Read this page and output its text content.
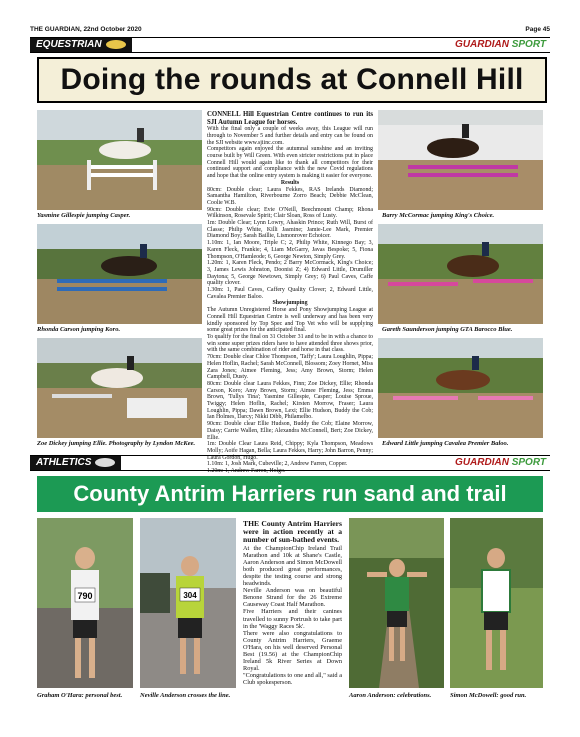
THE GUARDIAN, 22nd October 2020	Page 45
EQUESTRIAN	GUARDIAN SPORT
Doing the rounds at Connell Hill
Yasmine Gillespie jumping Casper.
Rhonda Carson jumping Koro.
Zoe Dickey jumping Ellie. Photography by Lyndon McKee.

CONNELL Hill Equestrian Centre continues to run its SJI Autumn League for horses.

With the final only a couple of weeks away, this League will run through to November 5 and further details and entry can be found on the SJI website www.sjiinc.com.

Competitors again enjoyed the autumnal sunshine and an inviting course built by Will Green. With even stricter restrictions put in place Connell Hill would again like to thank all competitors for their continued support and compliance with the new Covid regulations and hope that the online entry system is making it easier for everyone.

Results

80cm: Double clear; Laura Fekkes, RAS Irelands Diamond; Samantha Hamilton, Riverbourne Zorro Beach; Debbie McClean, Coolie W.B.

90cm: Double clear; Evie O'Neill, Beechmount Champ; Rhona Wilkinson, Rosevale Spirit; Clair Sloan, Ross of Lusty.

1m: Double Clear; Lynn Lowry, Ahaskin Prince; Ruth Will, Burst of Classe; Philip White, Killi Jasmine; Jamie-Lee Mark, Premier Diamond Boy; Sarah Baillie, Lismonrover Echoicer.

1.10m: 1, Ian Moore, Triple C; 2, Philip White, Kinnego Bay; 3, Karen Fleck, Frankie; 4, Liam McGarry, Javas Bespoke; 5, Fiona Thompson, O'Hamleode; 6, George Newton, Simply Grey.

1.20m: 1, Karen Fleck, Pendo; 2 Barry McCormack, King's Choice; 3, James Lewis Johnston, Doonisi Z; 4) Edward Little, Drumiller Daytona; 5, George Newtown, Simply Grey; 6) Paul Caves, Caffe quality clover.

1.30m: 1, Paul Caves, Caffery Quality Clover; 2, Edward Little, Cavalea Premier Baloo.

Showjumping

The Autumn Unregistered Horse and Pony Showjumping League at Connell Hill Equestrian Centre is well underway and has been very kindly sponsored by Top Spec and Top Vet who will be supplying some great prizes for the anticipated final.

To qualify for the final on 31 October 31 and to be in with a chance to win some super prizes riders have to have attended three shows prior, with the same combination of rider and horse in that class.

70cm: Double clear Chloe Thompson, 'Taffy'; Laura Loughlin, Pippa; Helen Hoflin, Rachel; Sarah McConnell, Blossom; Zoey Hornet, Miss Zara Jones; Aimee Fleming, Jess; Amy Brown, Storm; Helen Campbell, Dusty.

80cm: Double clear Laura Fekkes, Finn; Zoe Dickey, Ellie; Rhonda Carson, Koro; Amy Brown, Storm; Aimee Fleming, Jess; Emma Brown, 'Tullys Tina'; Yasmine Gillespie, Casper; Louise Sproue, Twiggy; Helen Hoflin, Rachel; Kirsten Morrow, Fraser; Laura Loughlin, Pippa; Dawn Brown, Lexi; Ellie Hudson, Buddy the Cob; Ian Holmes, Darcy; Nikki Dibb, Philamelbo.

90cm: Double clear Ellie Hudson, Buddy the Cob; Elaine Morrow, Daisy; Carrie Wallen, Ellie; Alexandra McConnell, Bert; Zoe Dickey, Ellie.

1m: Double Clear Laura Reid, Chippy; Kyla Thompson, Meadows Molly; Aoife Hagan, Bella; Laura Fekkes, Harry; John Barron, Penny; Laura Gordon, Hugo.

1.10m: 1, Josh Mark, Cubeville; 2, Andrew Farren, Copper.

1.20m: 1, Andrew Farren, Holgo.

Barry McCormac jumping King's Choice.
Gareth Saunderson jumping GTA Barocco Blue.
Edward Little jumping Cavalea Premier Baloo.
ATHLETICS	GUARDIAN SPORT
County Antrim Harriers run sand and trail
790
Graham O'Hara: personal best.
304
Neville Anderson crosses the line.

THE County Antrim Harriers were in action recently at a number of sun-bathed events.

At the ChampionChip Ireland Trail Marathon and 10k at Shane's Castle, Aaron Anderson and Simon McDowell both produced great performances, despite the testing course and strong headwinds.

Neville Anderson was on beautiful Benone Strand for the 26 Extreme Causeway Coast Half Marathon.

Five Harriers and their canines travelled to sunny Portrush to take part in the 'Waggy Races 5k'.

There were also congratulations to County Antrim Harriers, Graeme O'Hara, on his well deserved Personal Best (19.56) at the ChampionChip Ireland 5k River Series at Down Royal.

"Congratulations to one and all," said a Club spokesperson.

Aaron Anderson: celebrations.	Simon McDowell: good run.
